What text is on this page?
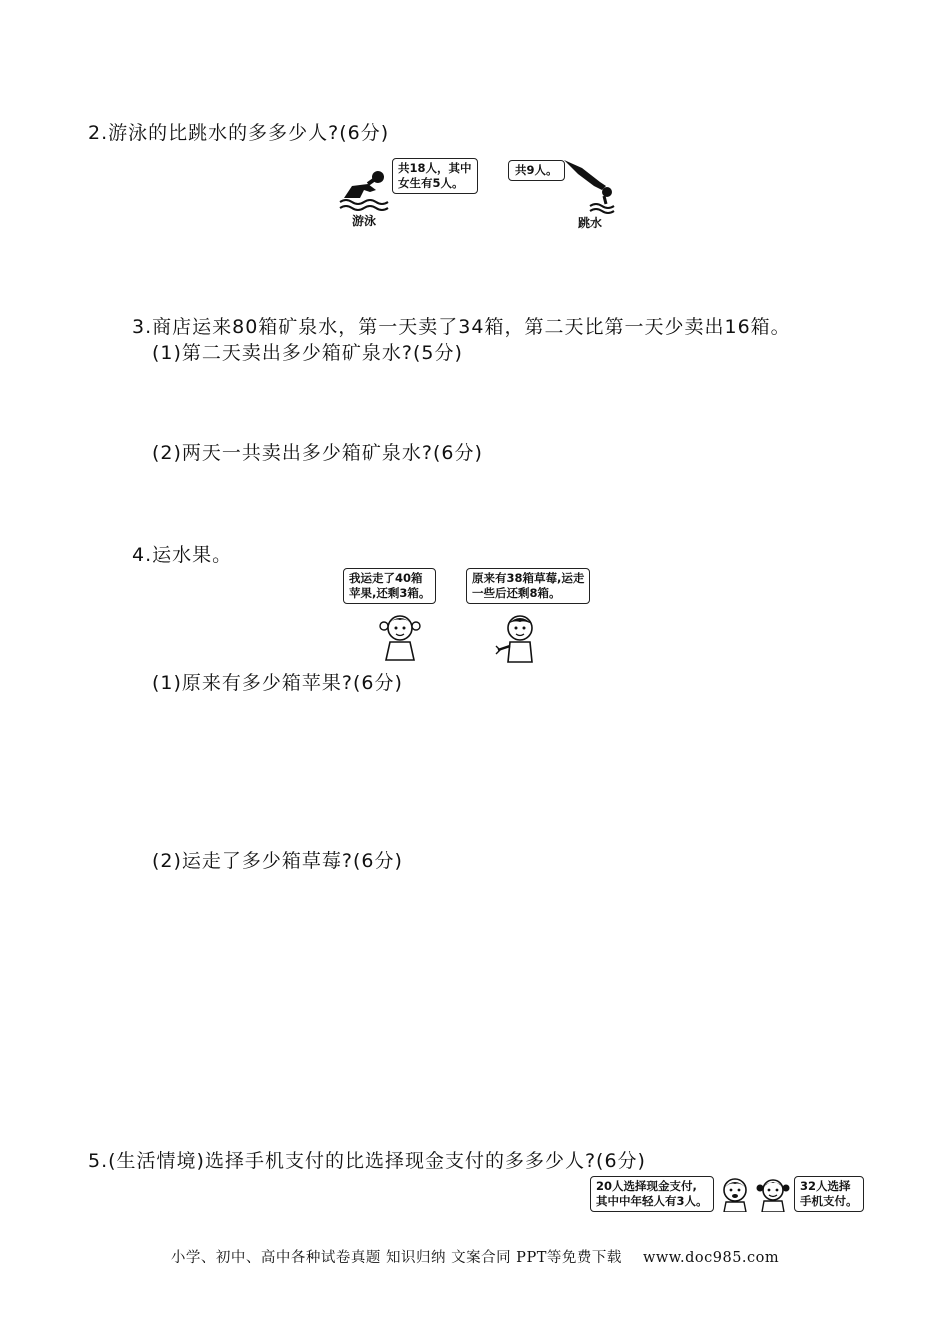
2.游泳的比跳水的多多少人?(6分)
共18人，其中
女生有5人。
游泳
共9人。
跳水
3.商店运来80箱矿泉水，第一天卖了34箱，第二天比第一天少卖出16箱。
(1)第二天卖出多少箱矿泉水?(5分)
(2)两天一共卖出多少箱矿泉水?(6分)
4.运水果。
我运走了40箱
苹果,还剩3箱。
原来有38箱草莓,运走
一些后还剩8箱。
(1)原来有多少箱苹果?(6分)
(2)运走了多少箱草莓?(6分)
5.(生活情境)选择手机支付的比选择现金支付的多多少人?(6分)
20人选择现金支付,
其中中年轻人有3人。
32人选择
手机支付。
小学、初中、高中各种试卷真题 知识归纳 文案合同 PPT等免费下载 www.doc985.com
